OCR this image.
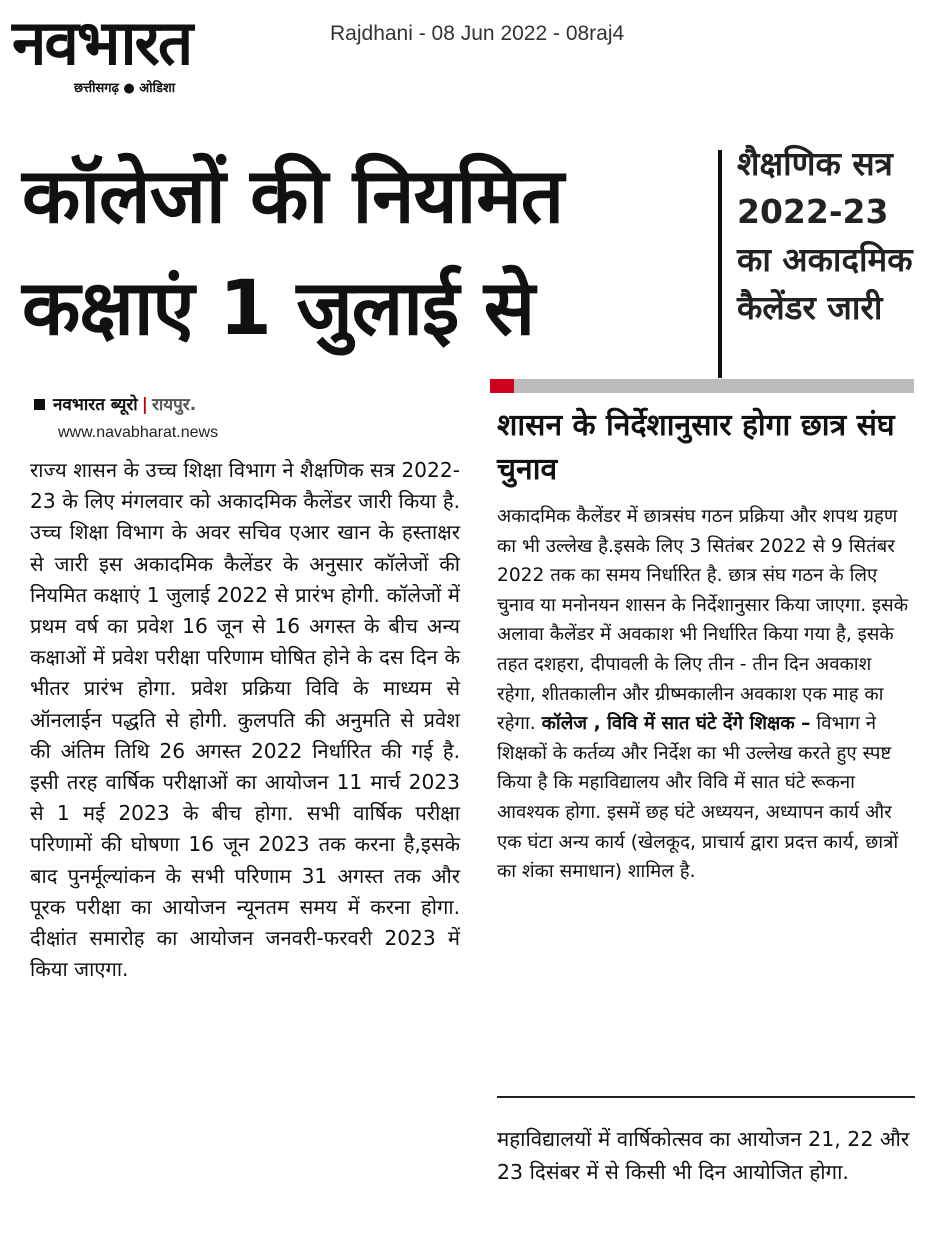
नवभारत
छत्तीसगढ़ ● ओडिशा
Rajdhani - 08 Jun 2022 - 08raj4
कॉलेजों की नियमित कक्षाएं 1 जुलाई से
शैक्षणिक सत्र 2022-23 का अकादमिक कैलेंडर जारी
नवभारत ब्यूरो | रायपुर.
www.navabharat.news
राज्य शासन के उच्च शिक्षा विभाग ने शैक्षणिक सत्र 2022-23 के लिए मंगलवार को अकादमिक कैलेंडर जारी किया है. उच्च शिक्षा विभाग के अवर सचिव एआर खान के हस्ताक्षर से जारी इस अकादमिक कैलेंडर के अनुसार कॉलेजों की नियमित कक्षाएं 1 जुलाई 2022 से प्रारंभ होगी. कॉलेजों में प्रथम वर्ष का प्रवेश 16 जून से 16 अगस्त के बीच अन्य कक्षाओं में प्रवेश परीक्षा परिणाम घोषित होने के दस दिन के भीतर प्रारंभ होगा. प्रवेश प्रक्रिया विवि के माध्यम से ऑनलाईन पद्धति से होगी. कुलपति की अनुमति से प्रवेश की अंतिम तिथि 26 अगस्त 2022 निर्धारित की गई है. इसी तरह वार्षिक परीक्षाओं का आयोजन 11 मार्च 2023 से 1 मई 2023 के बीच होगा. सभी वार्षिक परीक्षा परिणामों की घोषणा 16 जून 2023 तक करना है,इसके बाद पुनर्मूल्यांकन के सभी परिणाम 31 अगस्त तक और पूरक परीक्षा का आयोजन न्यूनतम समय में करना होगा. दीक्षांत समारोह का आयोजन जनवरी-फरवरी 2023 में किया जाएगा.
शासन के निर्देशानुसार होगा छात्र संघ चुनाव
अकादमिक कैलेंडर में छात्रसंघ गठन प्रक्रिया और शपथ ग्रहण का भी उल्लेख है.इसके लिए 3 सितंबर 2022 से 9 सितंबर 2022 तक का समय निर्धारित है. छात्र संघ गठन के लिए चुनाव या मनोनयन शासन के निर्देशानुसार किया जाएगा. इसके अलावा कैलेंडर में अवकाश भी निर्धारित किया गया है, इसके तहत दशहरा, दीपावली के लिए तीन - तीन दिन अवकाश रहेगा, शीतकालीन और ग्रीष्मकालीन अवकाश एक माह का रहेगा. कॉलेज , विवि में सात घंटे देंगे शिक्षक – विभाग ने शिक्षकों के कर्तव्य और निर्देश का भी उल्लेख करते हुए स्पष्ट किया है कि महाविद्यालय और विवि में सात घंटे रूकना आवश्यक होगा. इसमें छह घंटे अध्ययन, अध्यापन कार्य और एक घंटा अन्य कार्य (खेलकूद, प्राचार्य द्वारा प्रदत्त कार्य, छात्रों का शंका समाधान) शामिल है.
महाविद्यालयों में वार्षिकोत्सव का आयोजन 21, 22 और 23 दिसंबर में से किसी भी दिन आयोजित होगा.
